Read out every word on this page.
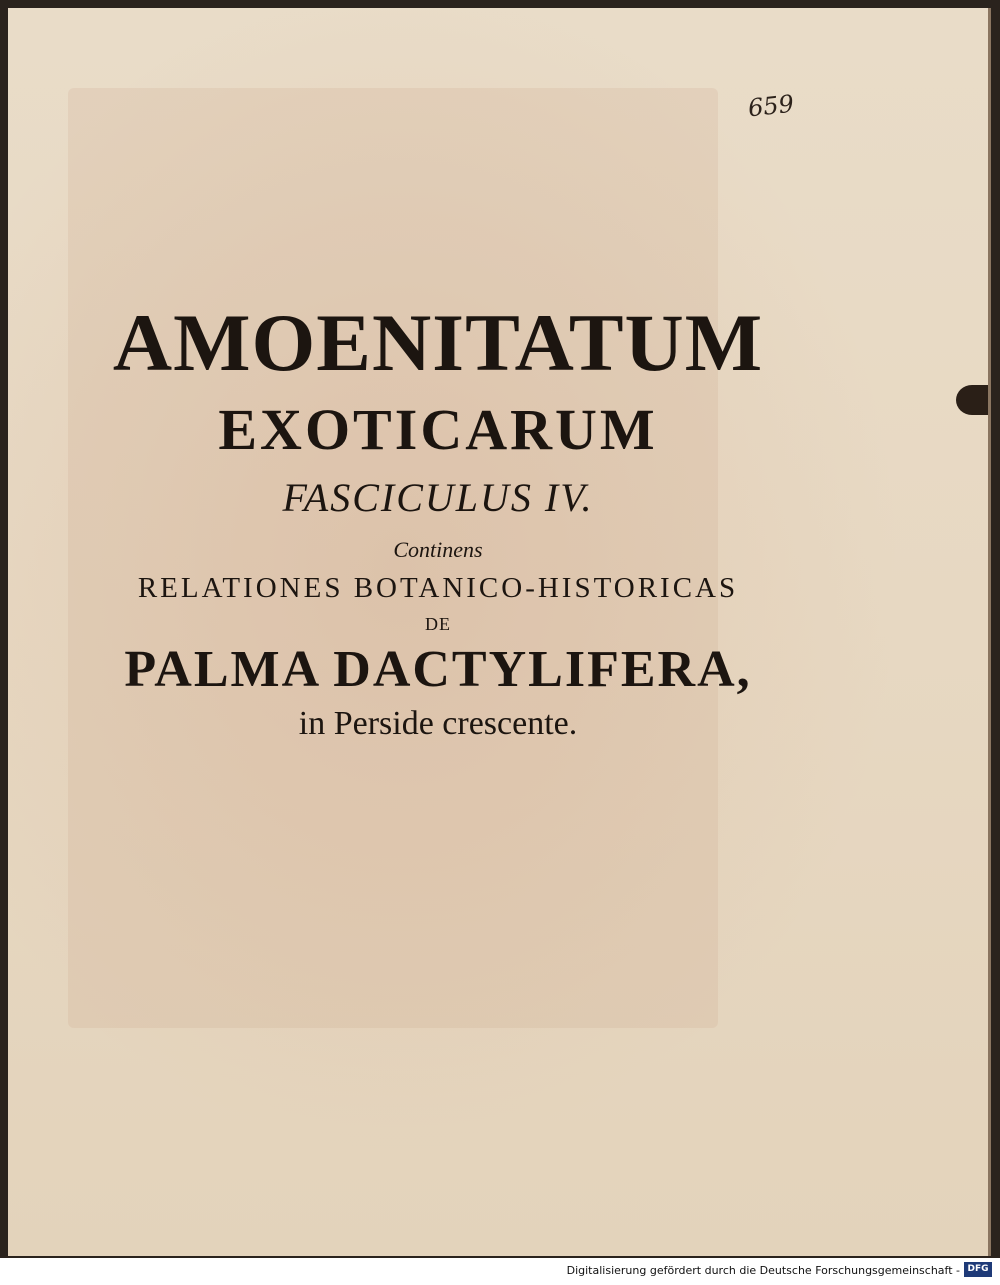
659
AMOENITATUM
EXOTICARUM
FASCICULUS IV.
Continens
RELATIONES BOTANICO-HISTORICAS
DE
PALMA DACTYLIFERA,
in Perside crescente.
Digitalisierung gefördert durch die Deutsche Forschungsgemeinschaft - DFG
